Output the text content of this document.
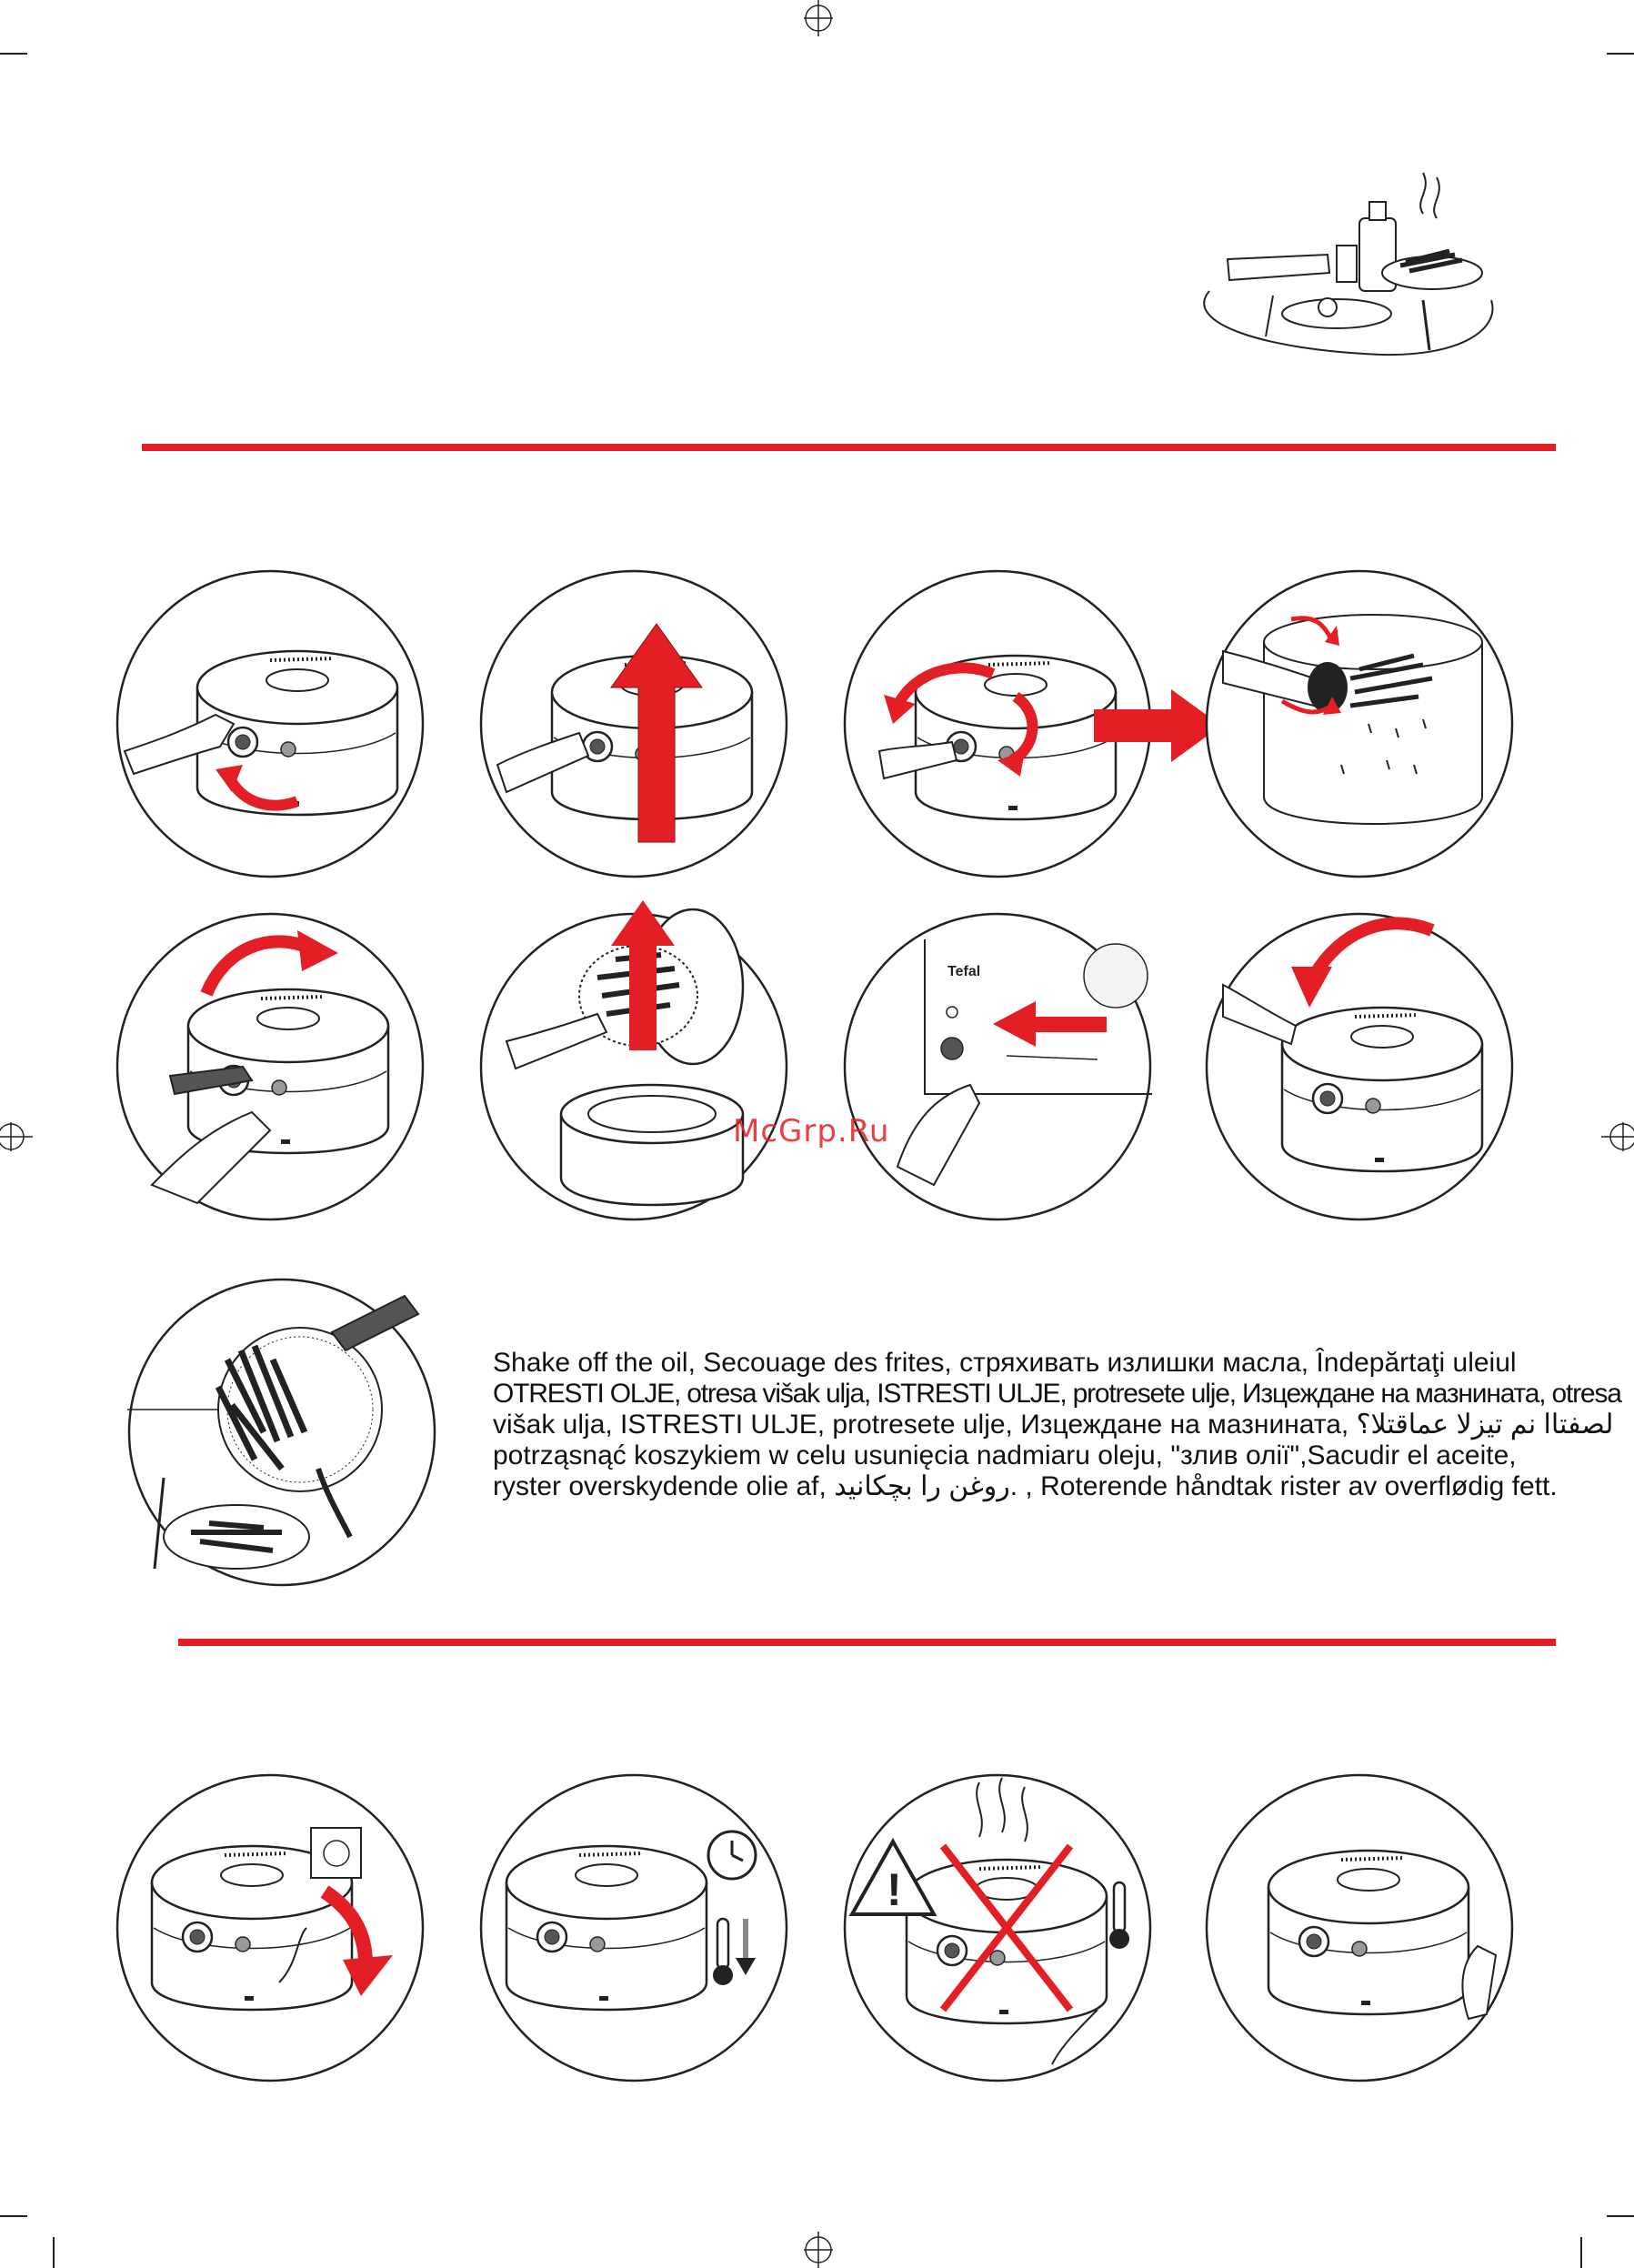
Tefal
McGrp.Ru
Shake off the oil, Secouage des frites, стряхивать излишки масла, Îndepărtaţi uleiul
OTRESTI OLJE, otresa višak ulja, ISTRESTI ULJE, protresete ulje, Изцеждане на мазнината, otresa
višak ulja, ISTRESTI ULJE, protresete ulje, Изцеждане на мазнината, لصفتاا نم تيزلا عماقتلا؟
potrząsnąć koszykiem w celu usunięcia nadmiaru oleju, "злив олії",Sacudir el aceite,
ryster overskydende olie af, روغن را بچکانید. , Roterende håndtak rister av overflødig fett.
!
